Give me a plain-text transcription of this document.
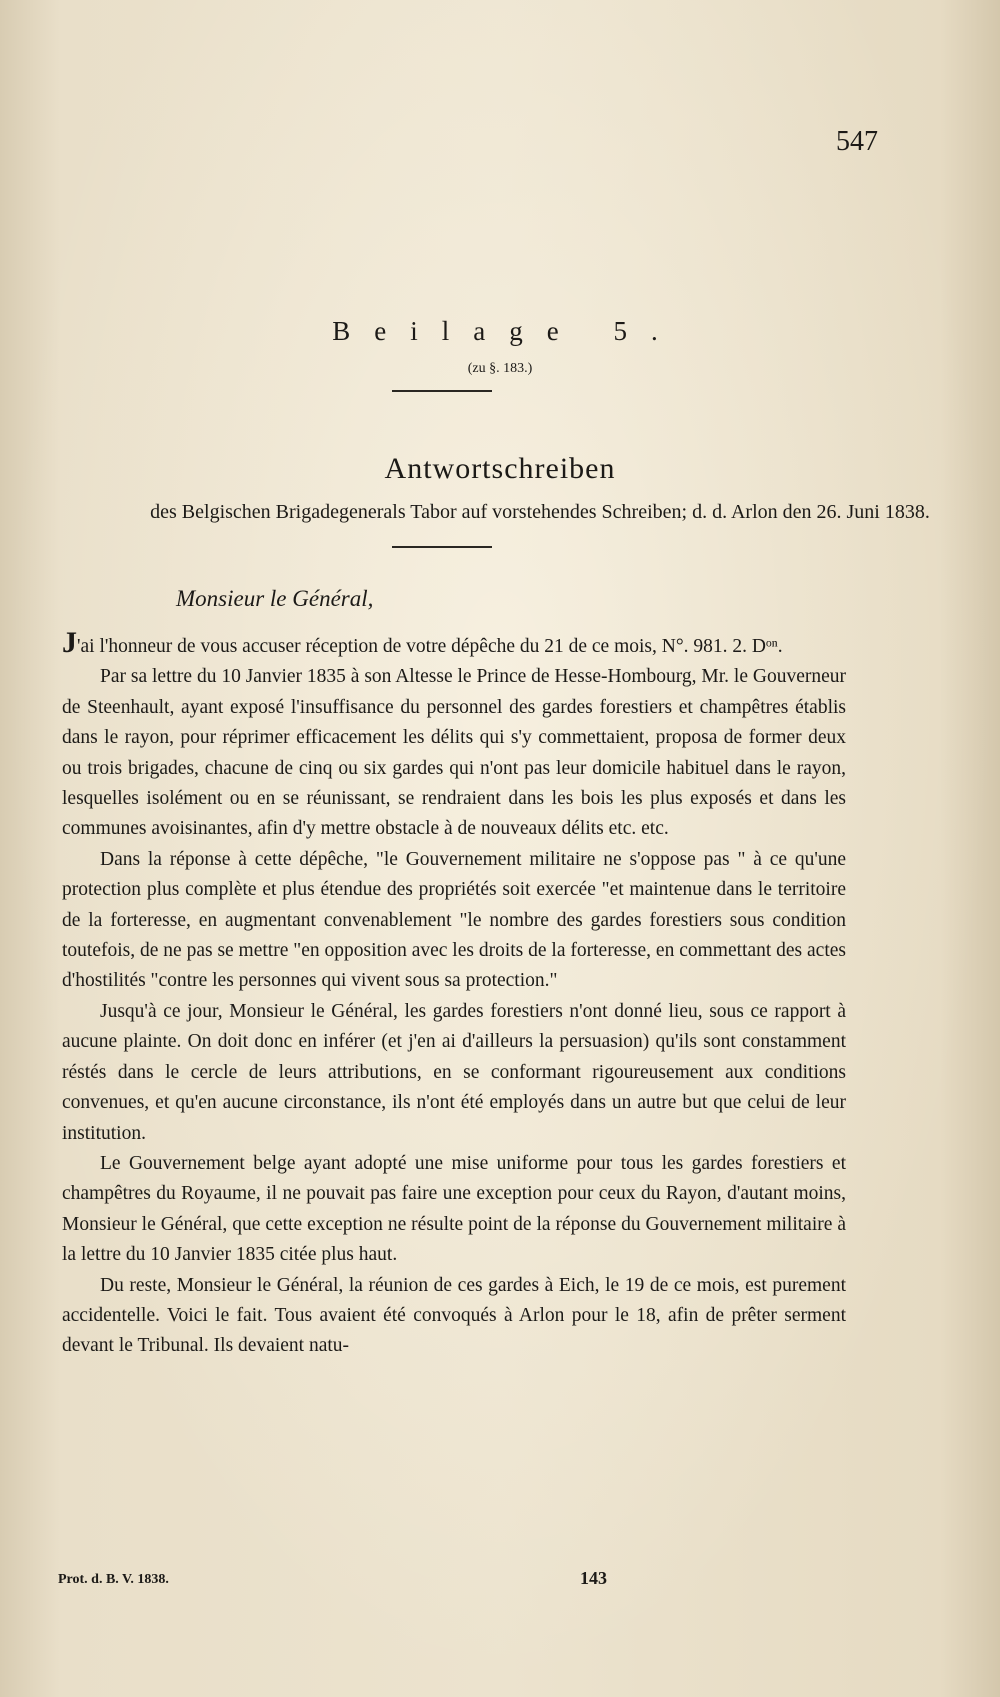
547
Beilage 5.
(zu §. 183.)
Antwortschreiben
des Belgischen Brigadegenerals Tabor auf vorstehendes Schreiben; d. d. Arlon den 26. Juni 1838.
Monsieur le Général,

J'ai l'honneur de vous accuser réception de votre dépêche du 21 de ce mois, N°. 981. 2. Dᵒⁿ.

Par sa lettre du 10 Janvier 1835 à son Altesse le Prince de Hesse-Hombourg, Mr. le Gouverneur de Steenhault, ayant exposé l'insuffisance du personnel des gardes forestiers et champêtres établis dans le rayon, pour réprimer efficacement les délits qui s'y commettaient, proposa de former deux ou trois brigades, chacune de cinq ou six gardes qui n'ont pas leur domicile habituel dans le rayon, lesquelles isolément ou en se réunissant, se rendraient dans les bois les plus exposés et dans les communes avoisinantes, afin d'y mettre obstacle à de nouveaux délits etc. etc.

Dans la réponse à cette dépêche, "le Gouvernement militaire ne s'oppose pas " à ce qu'une protection plus complète et plus étendue des propriétés soit exercée "et maintenue dans le territoire de la forteresse, en augmentant convenablement "le nombre des gardes forestiers sous condition toutefois, de ne pas se mettre "en opposition avec les droits de la forteresse, en commettant des actes d'hostilités "contre les personnes qui vivent sous sa protection."

Jusqu'à ce jour, Monsieur le Général, les gardes forestiers n'ont donné lieu, sous ce rapport à aucune plainte. On doit donc en inférer (et j'en ai d'ailleurs la persuasion) qu'ils sont constamment réstés dans le cercle de leurs attributions, en se conformant rigoureusement aux conditions convenues, et qu'en aucune circonstance, ils n'ont été employés dans un autre but que celui de leur institution.

Le Gouvernement belge ayant adopté une mise uniforme pour tous les gardes forestiers et champêtres du Royaume, il ne pouvait pas faire une exception pour ceux du Rayon, d'autant moins, Monsieur le Général, que cette exception ne résulte point de la réponse du Gouvernement militaire à la lettre du 10 Janvier 1835 citée plus haut.

Du reste, Monsieur le Général, la réunion de ces gardes à Eich, le 19 de ce mois, est purement accidentelle. Voici le fait. Tous avaient été convoqués à Arlon pour le 18, afin de prêter serment devant le Tribunal. Ils devaient natu-

Prot. d. B. V. 1838.	143
